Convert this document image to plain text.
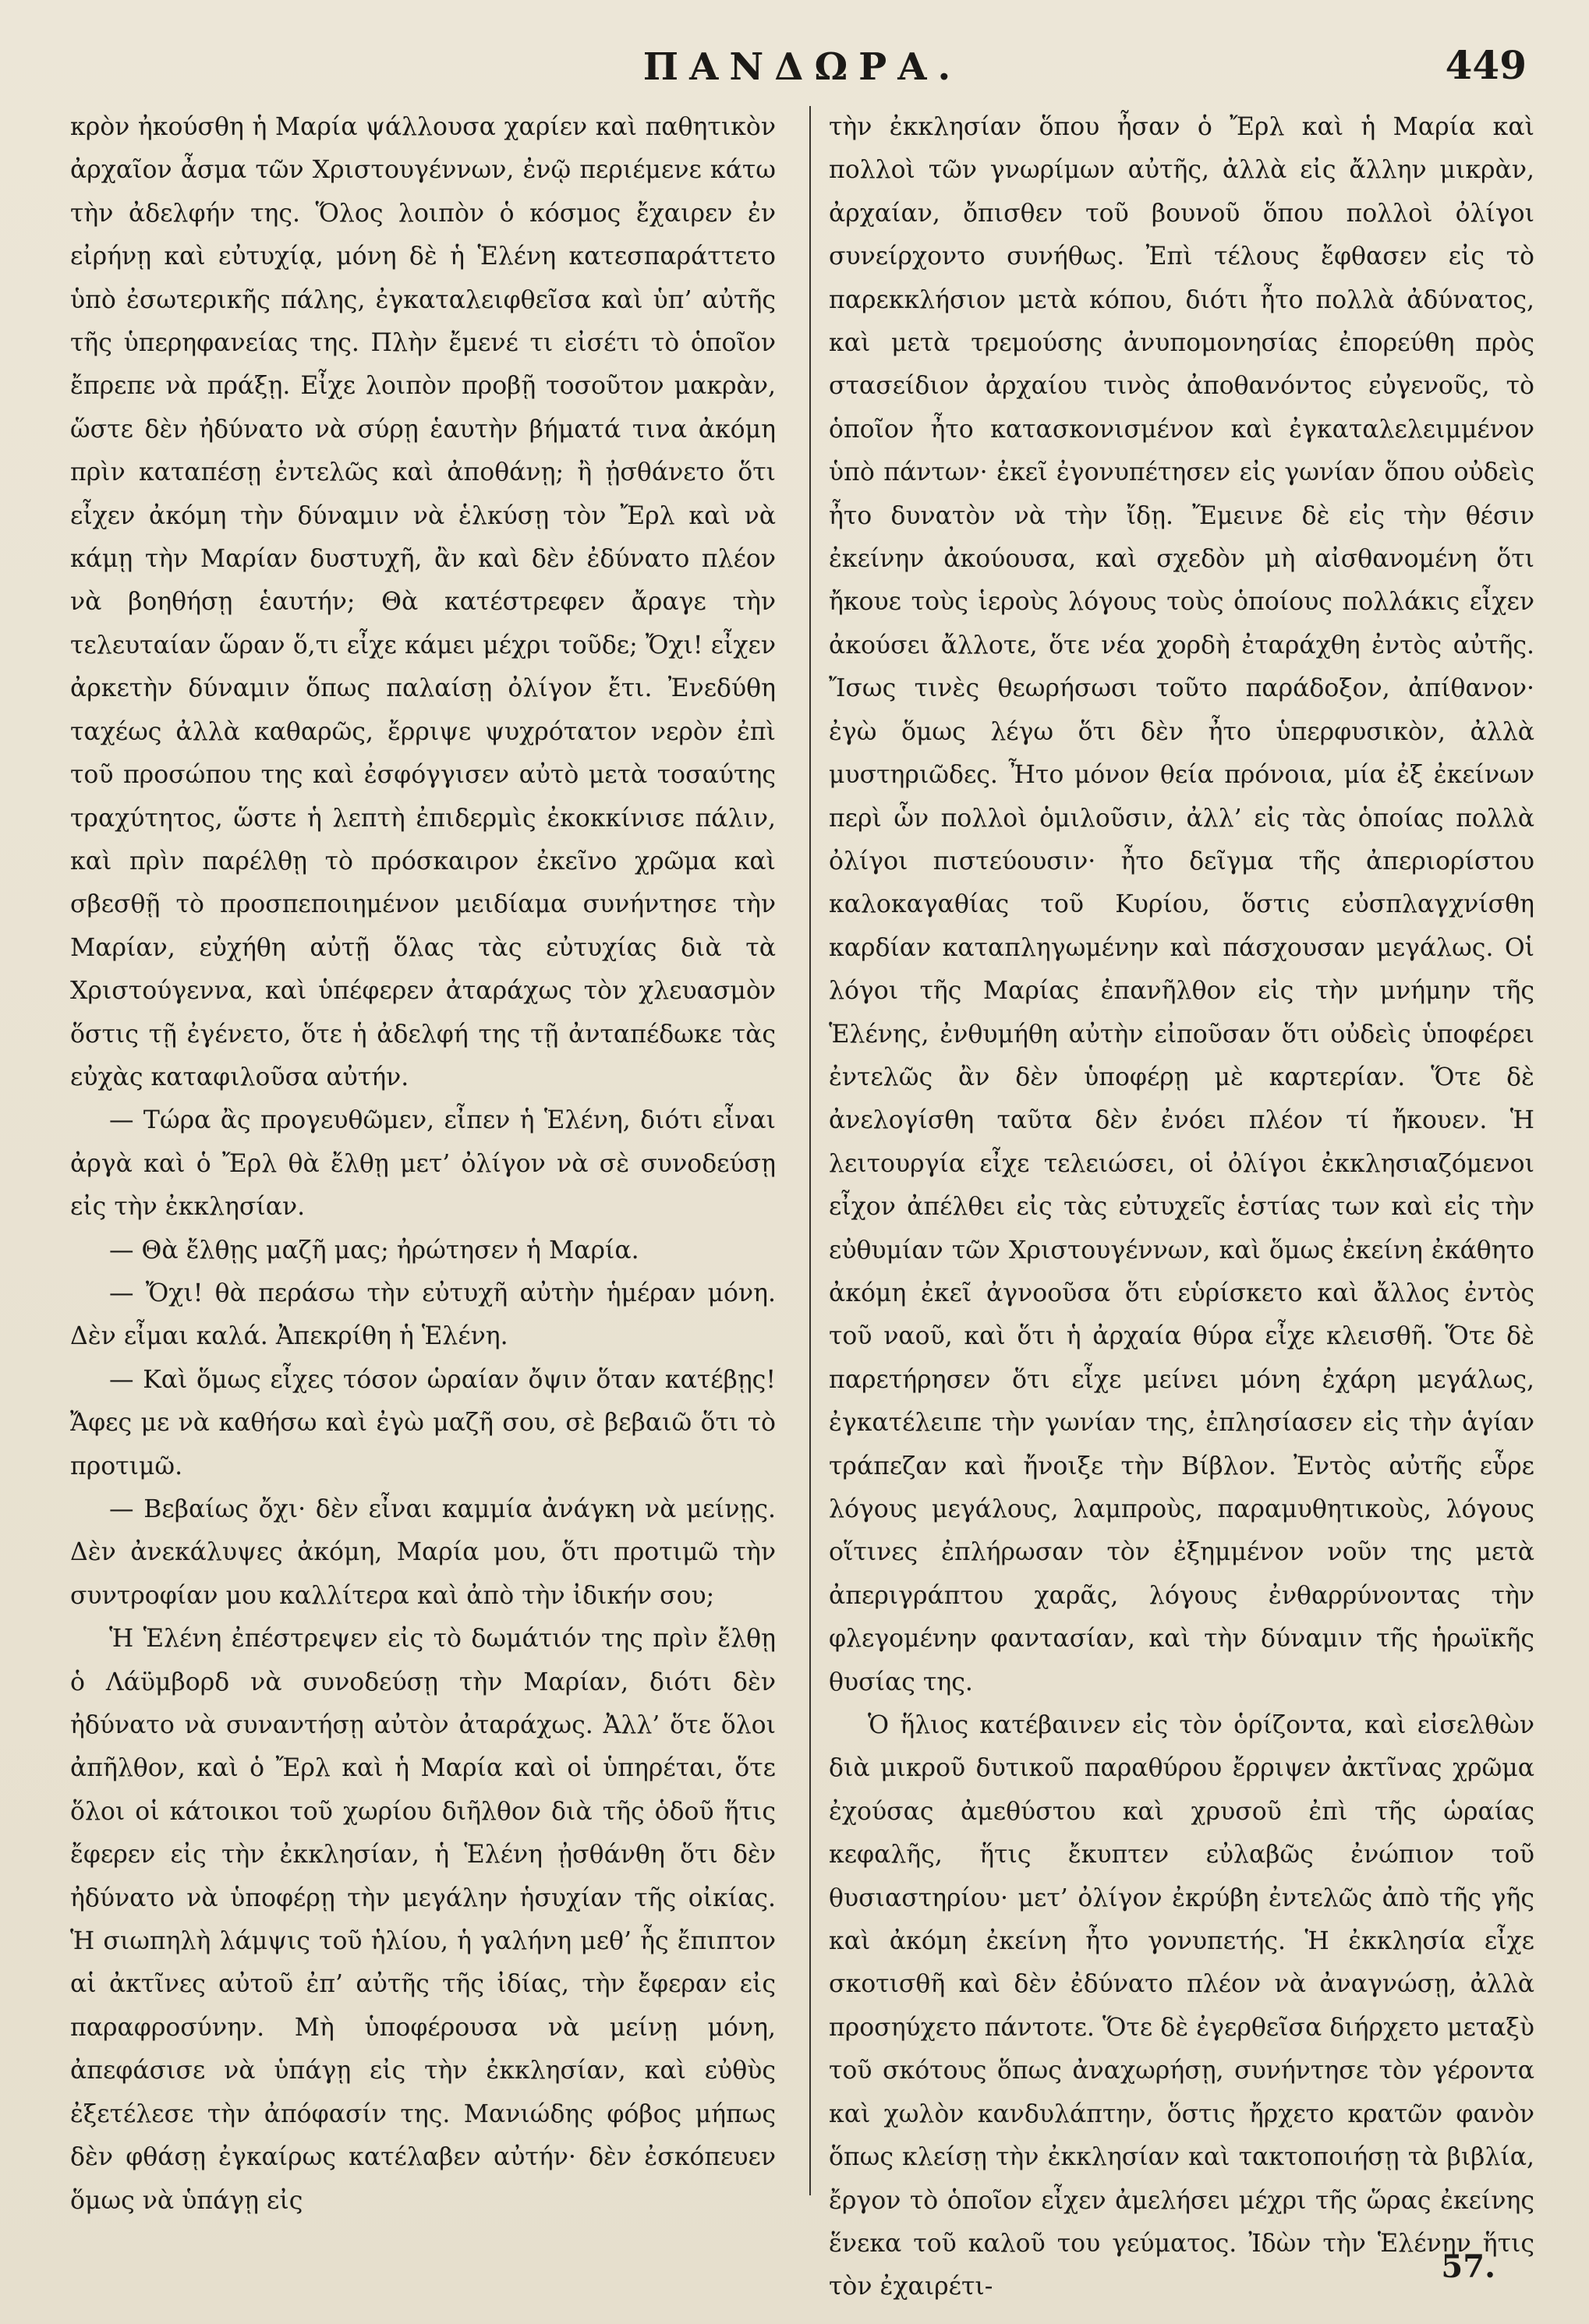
ΠΑΝΔΩΡΑ.	449

κρὸν ἠκούσθη ἡ Μαρία ψάλλουσα χαρίεν καὶ παθητικὸν ἀρχαῖον ἆσμα τῶν Χριστουγέννων, ἐνῷ περιέμενε κάτω τὴν ἀδελφήν της. Ὅλος λοιπὸν ὁ κόσμος ἔχαιρεν ἐν εἰρήνῃ καὶ εὐτυχίᾳ, μόνη δὲ ἡ Ἑλένη κατεσπαράττετο ὑπὸ ἐσωτερικῆς πάλης, ἐγκαταλειφθεῖσα καὶ ὑπ’ αὐτῆς τῆς ὑπερηφανείας της. Πλὴν ἔμενέ τι εἰσέτι τὸ ὁποῖον ἔπρεπε νὰ πράξῃ. Εἶχε λοιπὸν προβῇ τοσοῦτον μακρὰν, ὥστε δὲν ἠδύνατο νὰ σύρῃ ἑαυτὴν βήματά τινα ἀκόμη πρὶν καταπέσῃ ἐντελῶς καὶ ἀποθάνῃ; ἢ ᾐσθάνετο ὅτι εἶχεν ἀκόμη τὴν δύναμιν νὰ ἑλκύσῃ τὸν Ἔρλ καὶ νὰ κάμῃ τὴν Μαρίαν δυστυχῆ, ἂν καὶ δὲν ἐδύνατο πλέον νὰ βοηθήσῃ ἑαυτήν; Θὰ κατέστρεφεν ἄραγε τὴν τελευταίαν ὥραν ὅ,τι εἶχε κάμει μέχρι τοῦδε; Ὄχι! εἶχεν ἀρκετὴν δύναμιν ὅπως παλαίσῃ ὀλίγον ἔτι. Ἐνεδύθη ταχέως ἀλλὰ καθαρῶς, ἔρριψε ψυχρότατον νερὸν ἐπὶ τοῦ προσώπου της καὶ ἐσφόγγισεν αὐτὸ μετὰ τοσαύτης τραχύτητος, ὥστε ἡ λεπτὴ ἐπιδερμὶς ἐκοκκίνισε πάλιν, καὶ πρὶν παρέλθῃ τὸ πρόσκαιρον ἐκεῖνο χρῶμα καὶ σβεσθῇ τὸ προσπεποιημένον μειδίαμα συνήντησε τὴν Μαρίαν, εὐχήθη αὐτῇ ὅλας τὰς εὐτυχίας διὰ τὰ Χριστούγεννα, καὶ ὑπέφερεν ἀταράχως τὸν χλευασμὸν ὅστις τῇ ἐγένετο, ὅτε ἡ ἀδελφή της τῇ ἀνταπέδωκε τὰς εὐχὰς καταφιλοῦσα αὐτήν.

— Τώρα ἂς προγευθῶμεν, εἶπεν ἡ Ἑλένη, διότι εἶναι ἀργὰ καὶ ὁ Ἔρλ θὰ ἔλθῃ μετ’ ὀλίγον νὰ σὲ συνοδεύσῃ εἰς τὴν ἐκκλησίαν.

— Θὰ ἔλθῃς μαζῆ μας; ἠρώτησεν ἡ Μαρία.

— Ὄχι! θὰ περάσω τὴν εὐτυχῆ αὐτὴν ἡμέραν μόνη. Δὲν εἶμαι καλά. Ἀπεκρίθη ἡ Ἑλένη.

— Καὶ ὅμως εἶχες τόσον ὡραίαν ὄψιν ὅταν κατέβῃς! Ἄφες με νὰ καθήσω καὶ ἐγὼ μαζῆ σου, σὲ βεβαιῶ ὅτι τὸ προτιμῶ.

— Βεβαίως ὄχι· δὲν εἶναι καμμία ἀνάγκη νὰ μείνῃς. Δὲν ἀνεκάλυψες ἀκόμη, Μαρία μου, ὅτι προτιμῶ τὴν συντροφίαν μου καλλίτερα καὶ ἀπὸ τὴν ἰδικήν σου;

Ἡ Ἑλένη ἐπέστρεψεν εἰς τὸ δωμάτιόν της πρὶν ἔλθῃ ὁ Λάϋμβορδ νὰ συνοδεύσῃ τὴν Μαρίαν, διότι δὲν ἠδύνατο νὰ συναντήσῃ αὐτὸν ἀταράχως. Ἀλλ’ ὅτε ὅλοι ἀπῆλθον, καὶ ὁ Ἔρλ καὶ ἡ Μαρία καὶ οἱ ὑπηρέται, ὅτε ὅλοι οἱ κάτοικοι τοῦ χωρίου διῆλθον διὰ τῆς ὁδοῦ ἥτις ἔφερεν εἰς τὴν ἐκκλησίαν, ἡ Ἑλένη ᾐσθάνθη ὅτι δὲν ἠδύνατο νὰ ὑποφέρῃ τὴν μεγάλην ἡσυχίαν τῆς οἰκίας. Ἡ σιωπηλὴ λάμψις τοῦ ἡλίου, ἡ γαλήνη μεθ’ ἧς ἔπιπτον αἱ ἀκτῖνες αὐτοῦ ἐπ’ αὐτῆς τῆς ἰδίας, τὴν ἔφεραν εἰς παραφροσύνην. Μὴ ὑποφέρουσα νὰ μείνῃ μόνη, ἀπεφάσισε νὰ ὑπάγῃ εἰς τὴν ἐκκλησίαν, καὶ εὐθὺς ἐξετέλεσε τὴν ἀπόφασίν της. Μανιώδης φόβος μήπως δὲν φθάσῃ ἐγκαίρως κατέλαβεν αὐτήν· δὲν ἐσκόπευεν ὅμως νὰ ὑπάγῃ εἰς

τὴν ἐκκλησίαν ὅπου ἦσαν ὁ Ἔρλ καὶ ἡ Μαρία καὶ πολλοὶ τῶν γνωρίμων αὐτῆς, ἀλλὰ εἰς ἄλλην μικρὰν, ἀρχαίαν, ὄπισθεν τοῦ βουνοῦ ὅπου πολλοὶ ὀλίγοι συνείρχοντο συνήθως. Ἐπὶ τέλους ἔφθασεν εἰς τὸ παρεκκλήσιον μετὰ κόπου, διότι ἦτο πολλὰ ἀδύνατος, καὶ μετὰ τρεμούσης ἀνυπομονησίας ἐπορεύθη πρὸς στασείδιον ἀρχαίου τινὸς ἀποθανόντος εὐγενοῦς, τὸ ὁποῖον ἦτο κατασκονισμένον καὶ ἐγκαταλελειμμένον ὑπὸ πάντων· ἐκεῖ ἐγονυπέτησεν εἰς γωνίαν ὅπου οὐδεὶς ἦτο δυνατὸν νὰ τὴν ἴδῃ. Ἔμεινε δὲ εἰς τὴν θέσιν ἐκείνην ἀκούουσα, καὶ σχεδὸν μὴ αἰσθανομένη ὅτι ἤκουε τοὺς ἱεροὺς λόγους τοὺς ὁποίους πολλάκις εἶχεν ἀκούσει ἄλλοτε, ὅτε νέα χορδὴ ἐταράχθη ἐντὸς αὐτῆς. Ἴσως τινὲς θεωρήσωσι τοῦτο παράδοξον, ἀπίθανον· ἐγὼ ὅμως λέγω ὅτι δὲν ἦτο ὑπερφυσικὸν, ἀλλὰ μυστηριῶδες. Ἦτο μόνον θεία πρόνοια, μία ἐξ ἐκείνων περὶ ὧν πολλοὶ ὁμιλοῦσιν, ἀλλ’ εἰς τὰς ὁποίας πολλὰ ὀλίγοι πιστεύουσιν· ἦτο δεῖγμα τῆς ἀπεριορίστου καλοκαγαθίας τοῦ Κυρίου, ὅστις εὐσπλαγχνίσθη καρδίαν καταπληγωμένην καὶ πάσχουσαν μεγάλως. Οἱ λόγοι τῆς Μαρίας ἐπανῆλθον εἰς τὴν μνήμην τῆς Ἑλένης, ἐνθυμήθη αὐτὴν εἰποῦσαν ὅτι οὐδεὶς ὑποφέρει ἐντελῶς ἂν δὲν ὑποφέρῃ μὲ καρτερίαν. Ὅτε δὲ ἀνελογίσθη ταῦτα δὲν ἐνόει πλέον τί ἤκουεν. Ἡ λειτουργία εἶχε τελειώσει, οἱ ὀλίγοι ἐκκλησιαζόμενοι εἶχον ἀπέλθει εἰς τὰς εὐτυχεῖς ἑστίας των καὶ εἰς τὴν εὐθυμίαν τῶν Χριστουγέννων, καὶ ὅμως ἐκείνη ἐκάθητο ἀκόμη ἐκεῖ ἀγνοοῦσα ὅτι εὑρίσκετο καὶ ἄλλος ἐντὸς τοῦ ναοῦ, καὶ ὅτι ἡ ἀρχαία θύρα εἶχε κλεισθῆ. Ὅτε δὲ παρετήρησεν ὅτι εἶχε μείνει μόνη ἐχάρη μεγάλως, ἐγκατέλειπε τὴν γωνίαν της, ἐπλησίασεν εἰς τὴν ἁγίαν τράπεζαν καὶ ἤνοιξε τὴν Βίβλον. Ἐντὸς αὐτῆς εὗρε λόγους μεγάλους, λαμπροὺς, παραμυθητικοὺς, λόγους οἵτινες ἐπλήρωσαν τὸν ἐξημμένον νοῦν της μετὰ ἀπεριγράπτου χαρᾶς, λόγους ἐνθαρρύνοντας τὴν φλεγομένην φαντασίαν, καὶ τὴν δύναμιν τῆς ἡρωϊκῆς θυσίας της.

Ὁ ἥλιος κατέβαινεν εἰς τὸν ὁρίζοντα, καὶ εἰσελθὼν διὰ μικροῦ δυτικοῦ παραθύρου ἔρριψεν ἀκτῖνας χρῶμα ἐχούσας ἀμεθύστου καὶ χρυσοῦ ἐπὶ τῆς ὡραίας κεφαλῆς, ἥτις ἔκυπτεν εὐλαβῶς ἐνώπιον τοῦ θυσιαστηρίου· μετ’ ὀλίγον ἐκρύβη ἐντελῶς ἀπὸ τῆς γῆς καὶ ἀκόμη ἐκείνη ἦτο γονυπετής. Ἡ ἐκκλησία εἶχε σκοτισθῆ καὶ δὲν ἐδύνατο πλέον νὰ ἀναγνώσῃ, ἀλλὰ προσηύχετο πάντοτε. Ὅτε δὲ ἐγερθεῖσα διήρχετο μεταξὺ τοῦ σκότους ὅπως ἀναχωρήσῃ, συνήντησε τὸν γέροντα καὶ χωλὸν κανδυλάπτην, ὅστις ἤρχετο κρατῶν φανὸν ὅπως κλείσῃ τὴν ἐκκλησίαν καὶ τακτοποιήσῃ τὰ βιβλία, ἔργον τὸ ὁποῖον εἶχεν ἀμελήσει μέχρι τῆς ὥρας ἐκείνης ἕνεκα τοῦ καλοῦ του γεύματος. Ἰδὼν τὴν Ἑλένην ἥτις τὸν ἐχαιρέτι-

57.
